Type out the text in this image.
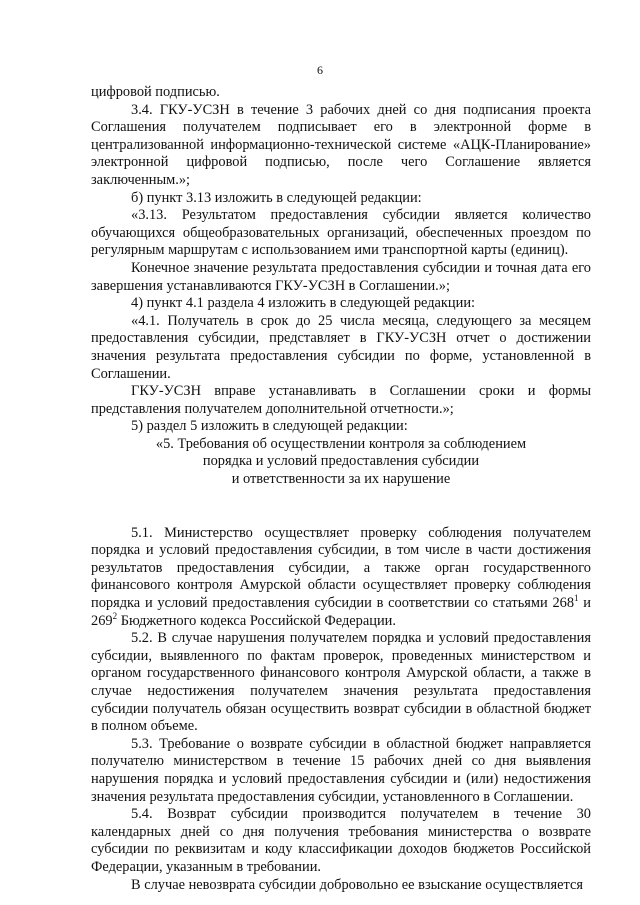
6

цифровой подписью.

3.4. ГКУ-УСЗН в течение 3 рабочих дней со дня подписания проекта Соглашения получателем подписывает его в электронной форме в централизованной информационно-технической системе «АЦК-Планирование» электронной цифровой подписью, после чего Соглашение является заключенным.»;

б) пункт 3.13 изложить в следующей редакции:

«3.13. Результатом предоставления субсидии является количество обучающихся общеобразовательных организаций, обеспеченных проездом по регулярным маршрутам с использованием ими транспортной карты (единиц).

Конечное значение результата предоставления субсидии и точная дата его завершения устанавливаются ГКУ-УСЗН в Соглашении.»;

4) пункт 4.1 раздела 4 изложить в следующей редакции:

«4.1. Получатель в срок до 25 числа месяца, следующего за месяцем предоставления субсидии, представляет в ГКУ-УСЗН отчет о достижении значения результата предоставления субсидии по форме, установленной в Соглашении.

ГКУ-УСЗН вправе устанавливать в Соглашении сроки и формы представления получателем дополнительной отчетности.»;

5) раздел 5 изложить в следующей редакции:

«5. Требования об осуществлении контроля за соблюдением
порядка и условий предоставления субсидии
и ответственности за их нарушение

5.1. Министерство осуществляет проверку соблюдения получателем порядка и условий предоставления субсидии, в том числе в части достижения результатов предоставления субсидии, а также орган государственного финансового контроля Амурской области осуществляет проверку соблюдения порядка и условий предоставления субсидии в соответствии со статьями $268^1$ и $269^2$ Бюджетного кодекса Российской Федерации.

5.2. В случае нарушения получателем порядка и условий предоставления субсидии, выявленного по фактам проверок, проведенных министерством и органом государственного финансового контроля Амурской области, а также в случае недостижения получателем значения результата предоставления субсидии получатель обязан осуществить возврат субсидии в областной бюджет в полном объеме.

5.3. Требование о возврате субсидии в областной бюджет направляется получателю министерством в течение 15 рабочих дней со дня выявления нарушения порядка и условий предоставления субсидии и (или) недостижения значения результата предоставления субсидии, установленного в Соглашении.

5.4. Возврат субсидии производится получателем в течение 30 календарных дней со дня получения требования министерства о возврате субсидии по реквизитам и коду классификации доходов бюджетов Российской Федерации, указанным в требовании.

В случае невозврата субсидии добровольно ее взыскание осуществляется
